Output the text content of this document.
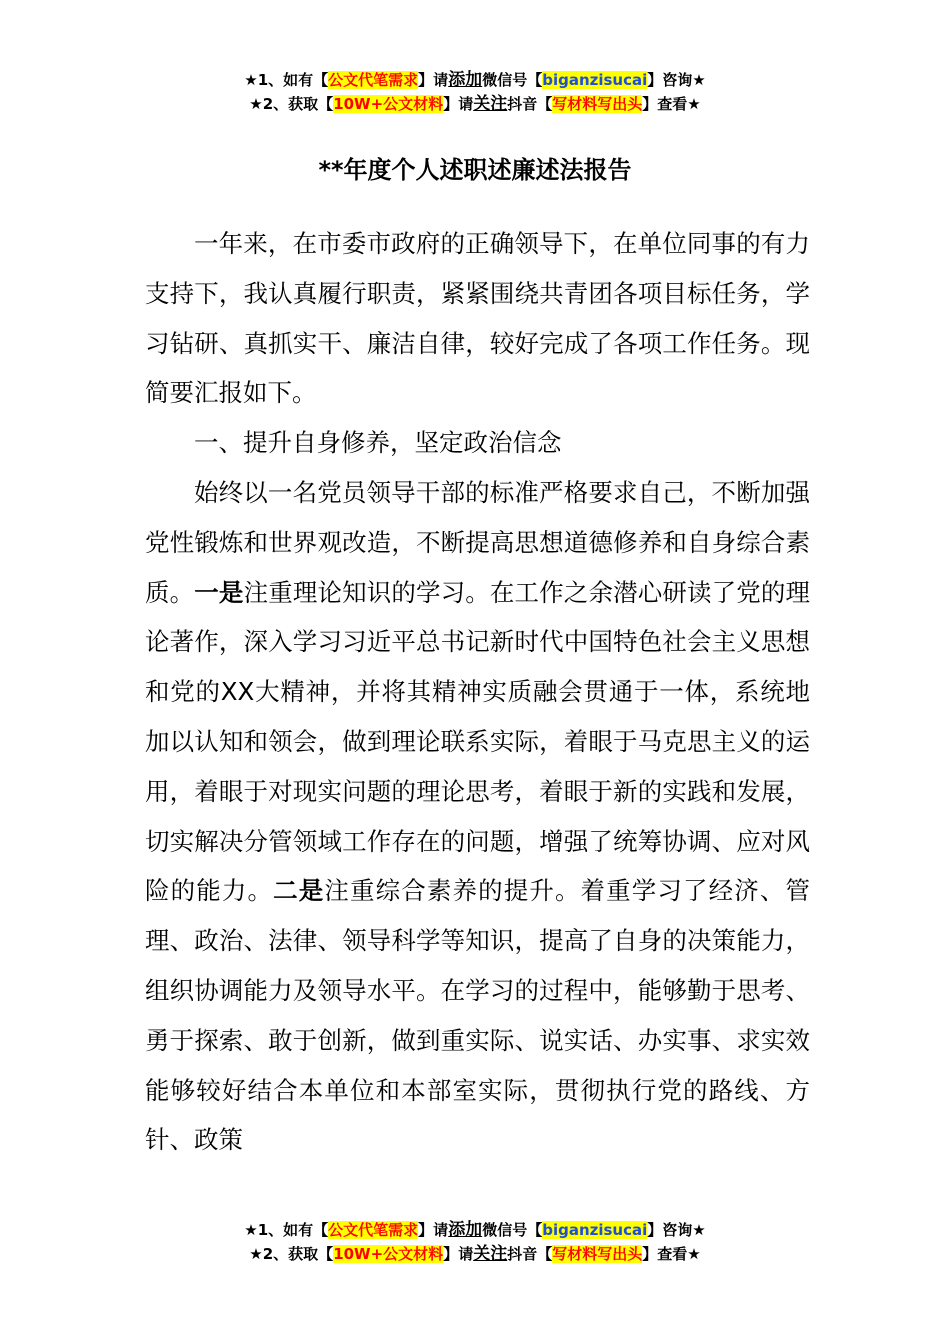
★1、如有【公文代笔需求】请添加微信号【biganzisucai】咨询★
★2、获取【10W+公文材料】请关注抖音【写材料写出头】查看★
**年度个人述职述廉述法报告

一年来，在市委市政府的正确领导下，在单位同事的有力支持下，我认真履行职责，紧紧围绕共青团各项目标任务，学习钻研、真抓实干、廉洁自律，较好完成了各项工作任务。现简要汇报如下。

一、提升自身修养，坚定政治信念

始终以一名党员领导干部的标准严格要求自己，不断加强党性锻炼和世界观改造，不断提高思想道德修养和自身综合素质。一是注重理论知识的学习。在工作之余潜心研读了党的理论著作，深入学习习近平总书记新时代中国特色社会主义思想和党的XX大精神，并将其精神实质融会贯通于一体，系统地加以认知和领会，做到理论联系实际，着眼于马克思主义的运用，着眼于对现实问题的理论思考，着眼于新的实践和发展，切实解决分管领域工作存在的问题，增强了统筹协调、应对风险的能力。二是注重综合素养的提升。着重学习了经济、管理、政治、法律、领导科学等知识，提高了自身的决策能力，组织协调能力及领导水平。在学习的过程中，能够勤于思考、勇于探索、敢于创新，做到重实际、说实话、办实事、求实效能够较好结合本单位和本部室实际，贯彻执行党的路线、方针、政策

★1、如有【公文代笔需求】请添加微信号【biganzisucai】咨询★
★2、获取【10W+公文材料】请关注抖音【写材料写出头】查看★
